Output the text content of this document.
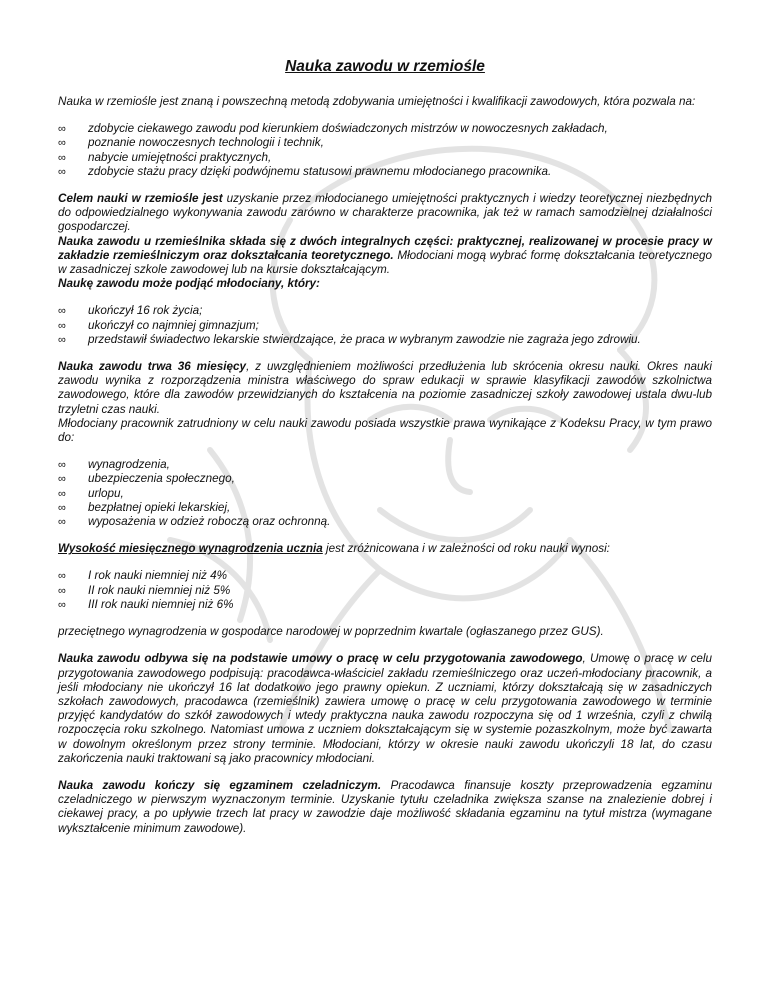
Nauka zawodu w rzemiośle

Nauka w rzemiośle jest znaną i powszechną metodą zdobywania umiejętności i kwalifikacji zawodowych, która pozwala na:

∞ zdobycie ciekawego zawodu pod kierunkiem doświadczonych mistrzów w nowoczesnych zakładach,
∞ poznanie nowoczesnych technologii i technik,
∞ nabycie umiejętności praktycznych,
∞ zdobycie stażu pracy dzięki podwójnemu statusowi prawnemu młodocianego pracownika.

Celem nauki w rzemiośle jest uzyskanie przez młodocianego umiejętności praktycznych i wiedzy teoretycznej niezbędnych do odpowiedzialnego wykonywania zawodu zarówno w charakterze pracownika, jak też w ramach samodzielnej działalności gospodarczej.

Nauka zawodu u rzemieślnika składa się z dwóch integralnych części: praktycznej, realizowanej w procesie pracy w zakładzie rzemieślniczym oraz dokształcania teoretycznego. Młodociani mogą wybrać formę dokształcania teoretycznego w zasadniczej szkole zawodowej lub na kursie dokształcającym.

Naukę zawodu może podjąć młodociany, który:

∞ ukończył 16 rok życia;
∞ ukończył co najmniej gimnazjum;
∞ przedstawił świadectwo lekarskie stwierdzające, że praca w wybranym zawodzie nie zagraża jego zdrowiu.

Nauka zawodu trwa 36 miesięcy, z uwzględnieniem możliwości przedłużenia lub skrócenia okresu nauki. Okres nauki zawodu wynika z rozporządzenia ministra właściwego do spraw edukacji w sprawie klasyfikacji zawodów szkolnictwa zawodowego, które dla zawodów przewidzianych do kształcenia na poziomie zasadniczej szkoły zawodowej ustala dwu-lub trzyletni czas nauki.

Młodociany pracownik zatrudniony w celu nauki zawodu posiada wszystkie prawa wynikające z Kodeksu Pracy, w tym prawo do:

∞ wynagrodzenia,
∞ ubezpieczenia społecznego,
∞ urlopu,
∞ bezpłatnej opieki lekarskiej,
∞ wyposażenia w odzież roboczą oraz ochronną.

Wysokość miesięcznego wynagrodzenia ucznia jest zróżnicowana i w zależności od roku nauki wynosi:

∞ I rok nauki niemniej niż 4%
∞ II rok nauki niemniej niż 5%
∞ III rok nauki niemniej niż 6%

przeciętnego wynagrodzenia w gospodarce narodowej w poprzednim kwartale (ogłaszanego przez GUS).

Nauka zawodu odbywa się na podstawie umowy o pracę w celu przygotowania zawodowego, Umowę o pracę w celu przygotowania zawodowego podpisują: pracodawca-właściciel zakładu rzemieślniczego oraz uczeń-młodociany pracownik, a jeśli młodociany nie ukończył 16 lat dodatkowo jego prawny opiekun. Z uczniami, którzy dokształcają się w zasadniczych szkołach zawodowych, pracodawca (rzemieślnik) zawiera umowę o pracę w celu przygotowania zawodowego w terminie przyjęć kandydatów do szkół zawodowych i wtedy praktyczna nauka zawodu rozpoczyna się od 1 września, czyli z chwilą rozpoczęcia roku szkolnego. Natomiast umowa z uczniem dokształcającym się w systemie pozaszkolnym, może być zawarta w dowolnym określonym przez strony terminie. Młodociani, którzy w okresie nauki zawodu ukończyli 18 lat, do czasu zakończenia nauki traktowani są jako pracownicy młodociani.

Nauka zawodu kończy się egzaminem czeladniczym. Pracodawca finansuje koszty przeprowadzenia egzaminu czeladniczego w pierwszym wyznaczonym terminie. Uzyskanie tytułu czeladnika zwiększa szanse na znalezienie dobrej i ciekawej pracy, a po upływie trzech lat pracy w zawodzie daje możliwość składania egzaminu na tytuł mistrza (wymagane wykształcenie minimum zawodowe).
